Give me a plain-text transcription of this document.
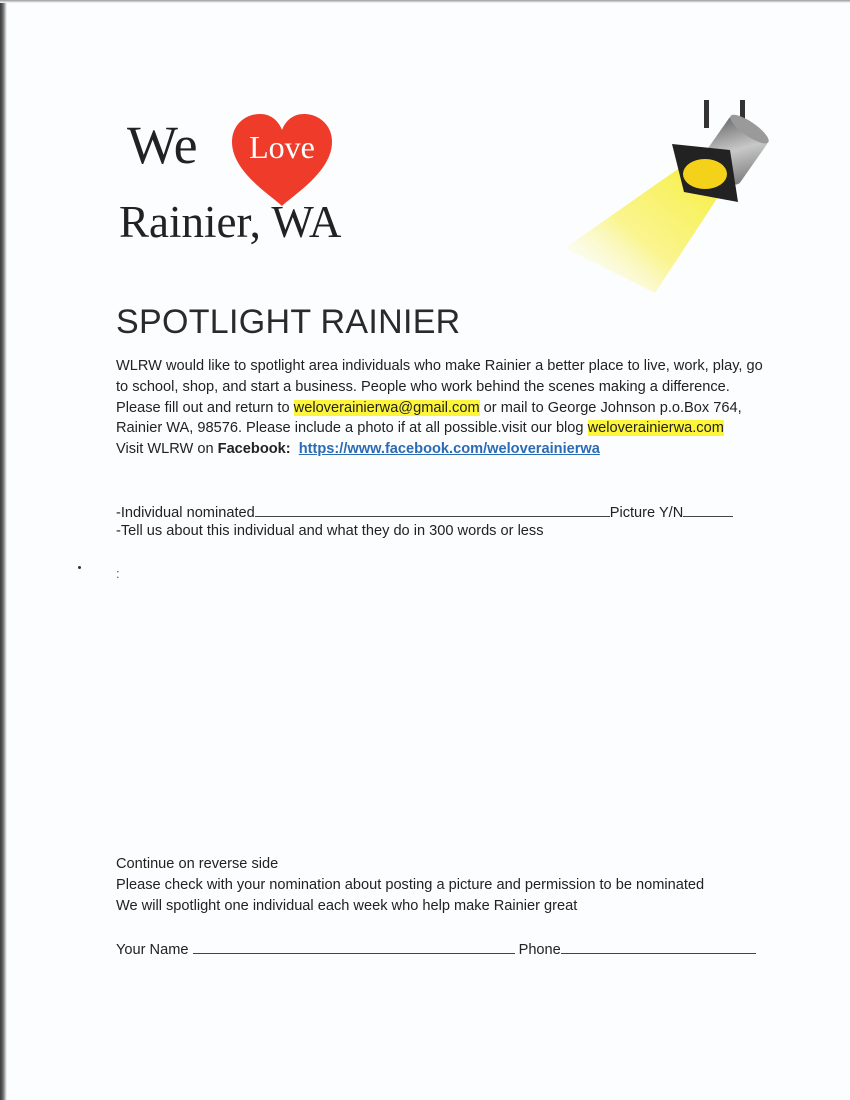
We	Love
Rainier, WA
SPOTLIGHT RAINIER
WLRW would like to spotlight area individuals who make Rainier a better place to live, work, play, go to school, shop, and start a business. People who work behind the scenes making a difference. Please fill out and return to weloverainierwa@gmail.com or mail to George Johnson p.o.Box 764, Rainier WA, 98576. Please include a photo if at all possible.visit our blog weloverainierwa.com
Visit WLRW on Facebook: https://www.facebook.com/weloverainierwa
-Individual nominated	Picture Y/N
-Tell us about this individual and what they do in 300 words or less
:
Continue on reverse side
Please check with your nomination about posting a picture and permission to be nominated
We will spotlight one individual each week who help make Rainier great
Your Name	Phone
